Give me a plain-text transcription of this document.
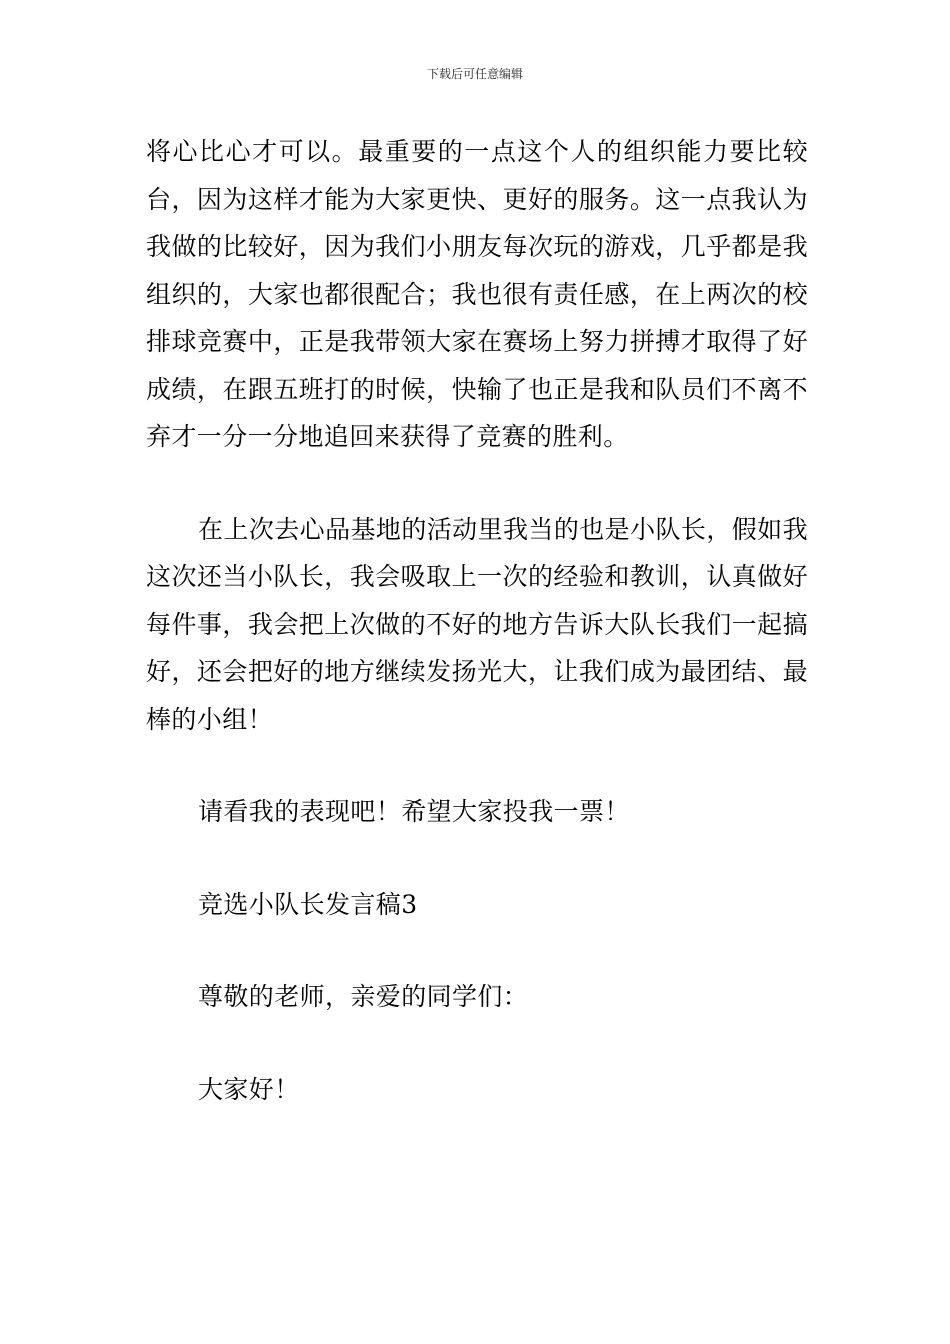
下载后可任意编辑

将心比心才可以。最重要的一点这个人的组织能力要比较台，因为这样才能为大家更快、更好的服务。这一点我认为我做的比较好，因为我们小朋友每次玩的游戏，几乎都是我组织的，大家也都很配合；我也很有责任感，在上两次的校排球竞赛中，正是我带领大家在赛场上努力拼搏才取得了好成绩，在跟五班打的时候，快输了也正是我和队员们不离不弃才一分一分地追回来获得了竞赛的胜利。

在上次去心品基地的活动里我当的也是小队长，假如我这次还当小队长，我会吸取上一次的经验和教训，认真做好每件事，我会把上次做的不好的地方告诉大队长我们一起搞好，还会把好的地方继续发扬光大，让我们成为最团结、最棒的小组！

请看我的表现吧！希望大家投我一票！

竞选小队长发言稿3

尊敬的老师，亲爱的同学们：

大家好！
